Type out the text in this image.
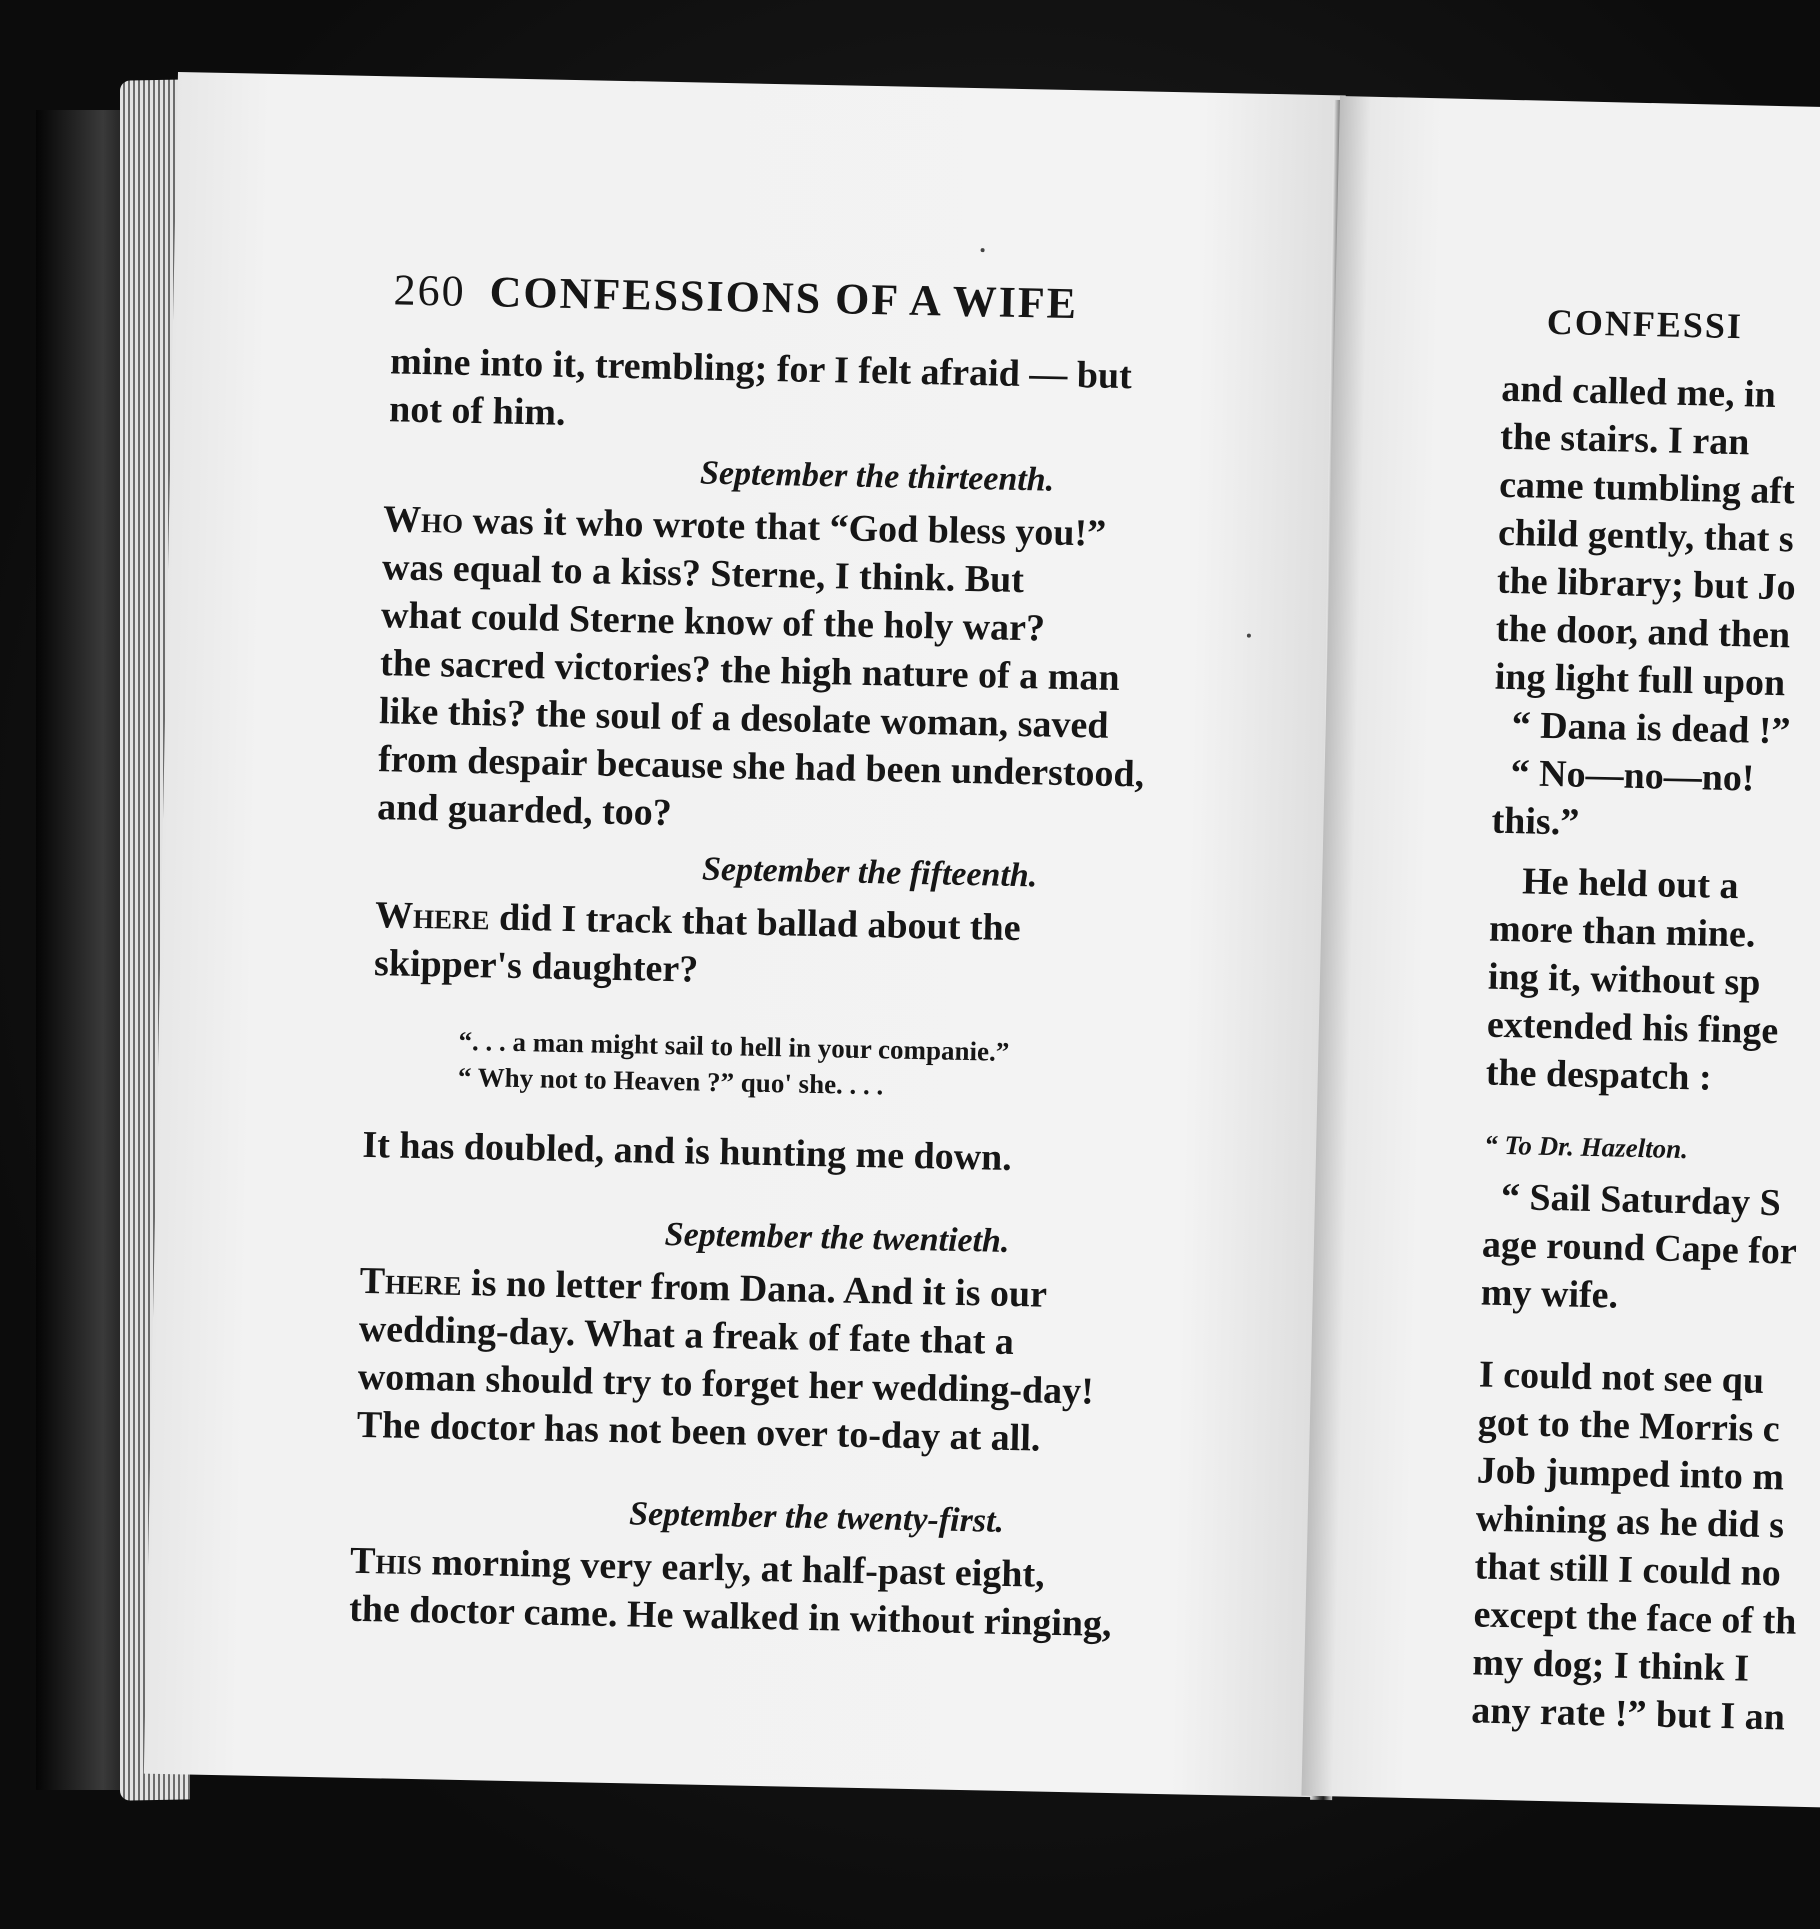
260 CONFESSIONS OF A WIFE
mine into it, trembling; for I felt afraid — but
not of him.
September the thirteenth.
Who was it who wrote that “God bless you!”
was equal to a kiss? Sterne, I think. But
what could Sterne know of the holy war?
the sacred victories? the high nature of a man
like this? the soul of a desolate woman, saved
from despair because she had been understood,
and guarded, too?
September the fifteenth.
Where did I track that ballad about the
skipper's daughter?
“. . . a man might sail to hell in your companie.”
“ Why not to Heaven ?” quo' she. . . .
It has doubled, and is hunting me down.
September the twentieth.
There is no letter from Dana. And it is our
wedding-day. What a freak of fate that a
woman should try to forget her wedding-day!
The doctor has not been over to-day at all.
September the twenty-first.
This morning very early, at half-past eight,
the doctor came. He walked in without ringing,
CONFESSI
and called me, in
the stairs. I ran
came tumbling aft
child gently, that s
the library; but Jo
the door, and then
ing light full upon
“ Dana is dead !”
“ No—no—no!
this.”
He held out a
more than mine.
ing it, without sp
extended his finge
the despatch :
“ To Dr. Hazelton.
“ Sail Saturday S
age round Cape for
my wife.
I could not see qu
got to the Morris c
Job jumped into m
whining as he did s
that still I could no
except the face of th
my dog; I think I
any rate !” but I an
